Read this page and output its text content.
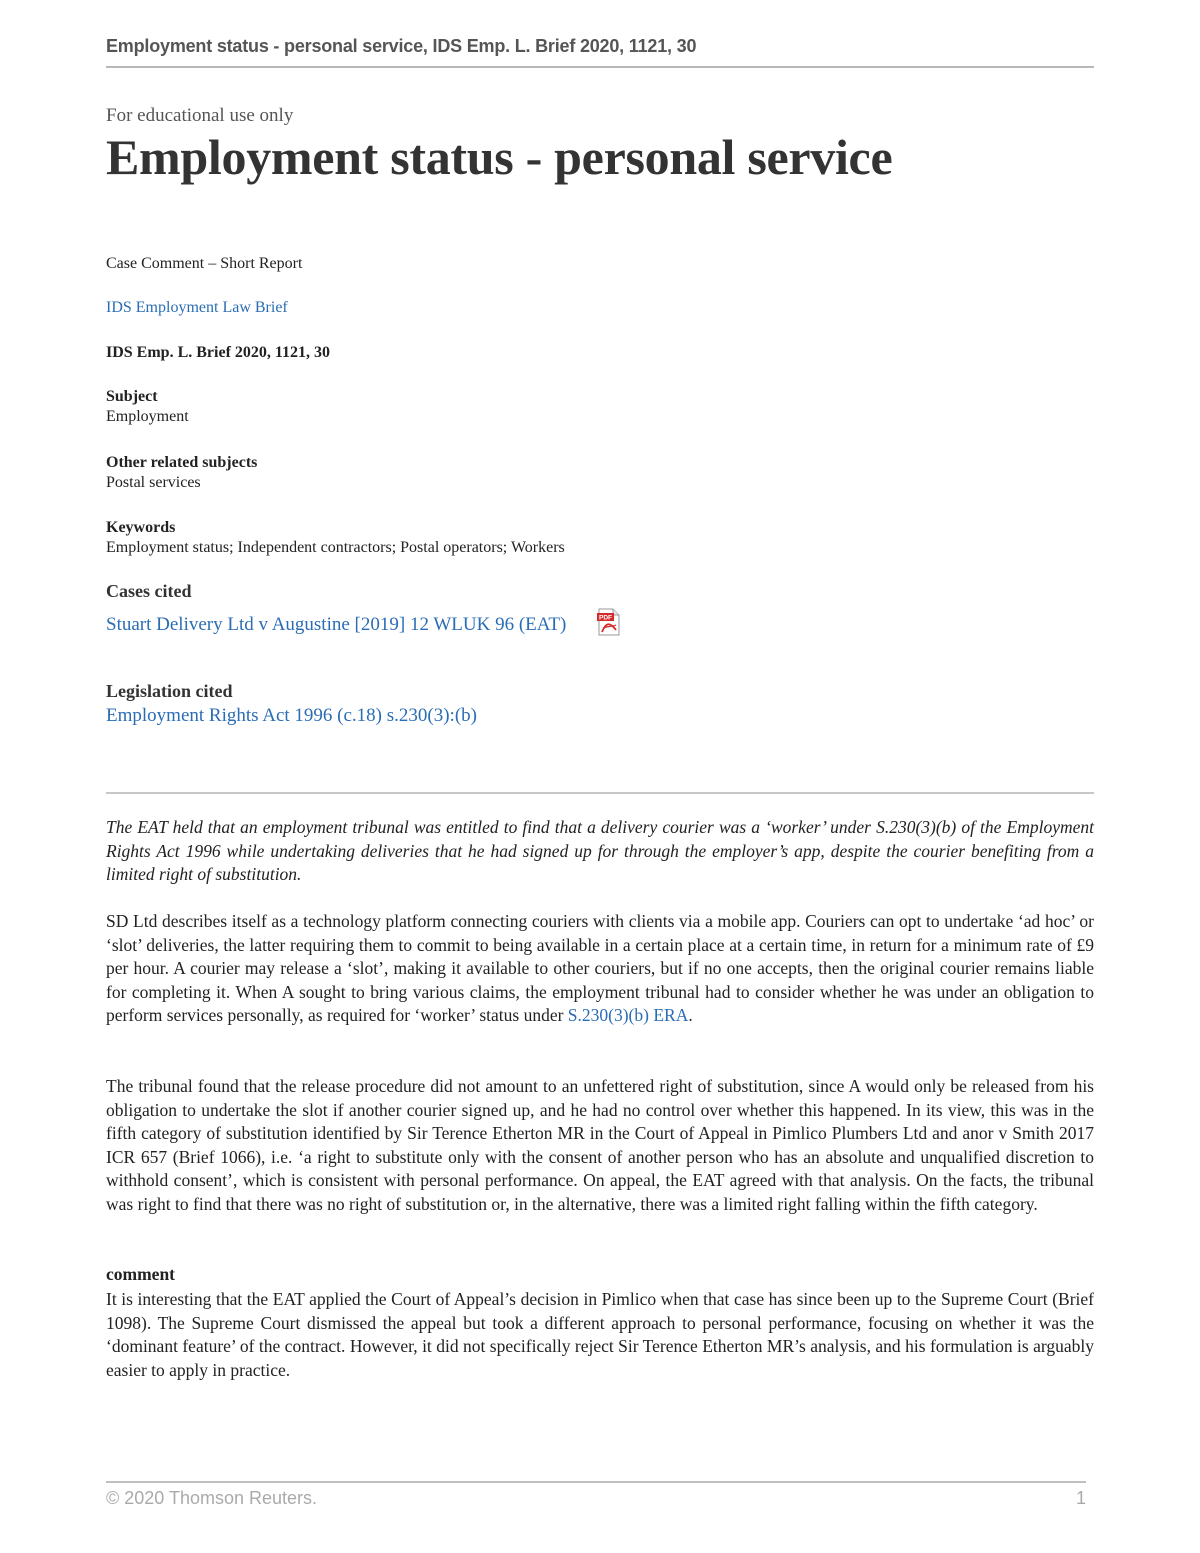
Employment status - personal service, IDS Emp. L. Brief 2020, 1121, 30
For educational use only
Employment status - personal service
Case Comment – Short Report
IDS Employment Law Brief
IDS Emp. L. Brief 2020, 1121, 30
Subject
Employment
Other related subjects
Postal services
Keywords
Employment status; Independent contractors; Postal operators; Workers
Cases cited
Stuart Delivery Ltd v Augustine [2019] 12 WLUK 96 (EAT)	PDF
Legislation cited
Employment Rights Act 1996 (c.18) s.230(3):(b)

The EAT held that an employment tribunal was entitled to find that a delivery courier was a ‘worker’ under S.230(3)(b) of the Employment Rights Act 1996 while undertaking deliveries that he had signed up for through the employer’s app, despite the courier benefiting from a limited right of substitution.

SD Ltd describes itself as a technology platform connecting couriers with clients via a mobile app. Couriers can opt to undertake ‘ad hoc’ or ‘slot’ deliveries, the latter requiring them to commit to being available in a certain place at a certain time, in return for a minimum rate of £9 per hour. A courier may release a ‘slot’, making it available to other couriers, but if no one accepts, then the original courier remains liable for completing it. When A sought to bring various claims, the employment tribunal had to consider whether he was under an obligation to perform services personally, as required for ‘worker’ status under S.230(3)(b) ERA.

The tribunal found that the release procedure did not amount to an unfettered right of substitution, since A would only be released from his obligation to undertake the slot if another courier signed up, and he had no control over whether this happened. In its view, this was in the fifth category of substitution identified by Sir Terence Etherton MR in the Court of Appeal in Pimlico Plumbers Ltd and anor v Smith 2017 ICR 657 (Brief 1066), i.e. ‘a right to substitute only with the consent of another person who has an absolute and unqualified discretion to withhold consent’, which is consistent with personal performance. On appeal, the EAT agreed with that analysis. On the facts, the tribunal was right to find that there was no right of substitution or, in the alternative, there was a limited right falling within the fifth category.

comment

It is interesting that the EAT applied the Court of Appeal’s decision in Pimlico when that case has since been up to the Supreme Court (Brief 1098). The Supreme Court dismissed the appeal but took a different approach to personal performance, focusing on whether it was the ‘dominant feature’ of the contract. However, it did not specifically reject Sir Terence Etherton MR’s analysis, and his formulation is arguably easier to apply in practice.

© 2020 Thomson Reuters.	1
